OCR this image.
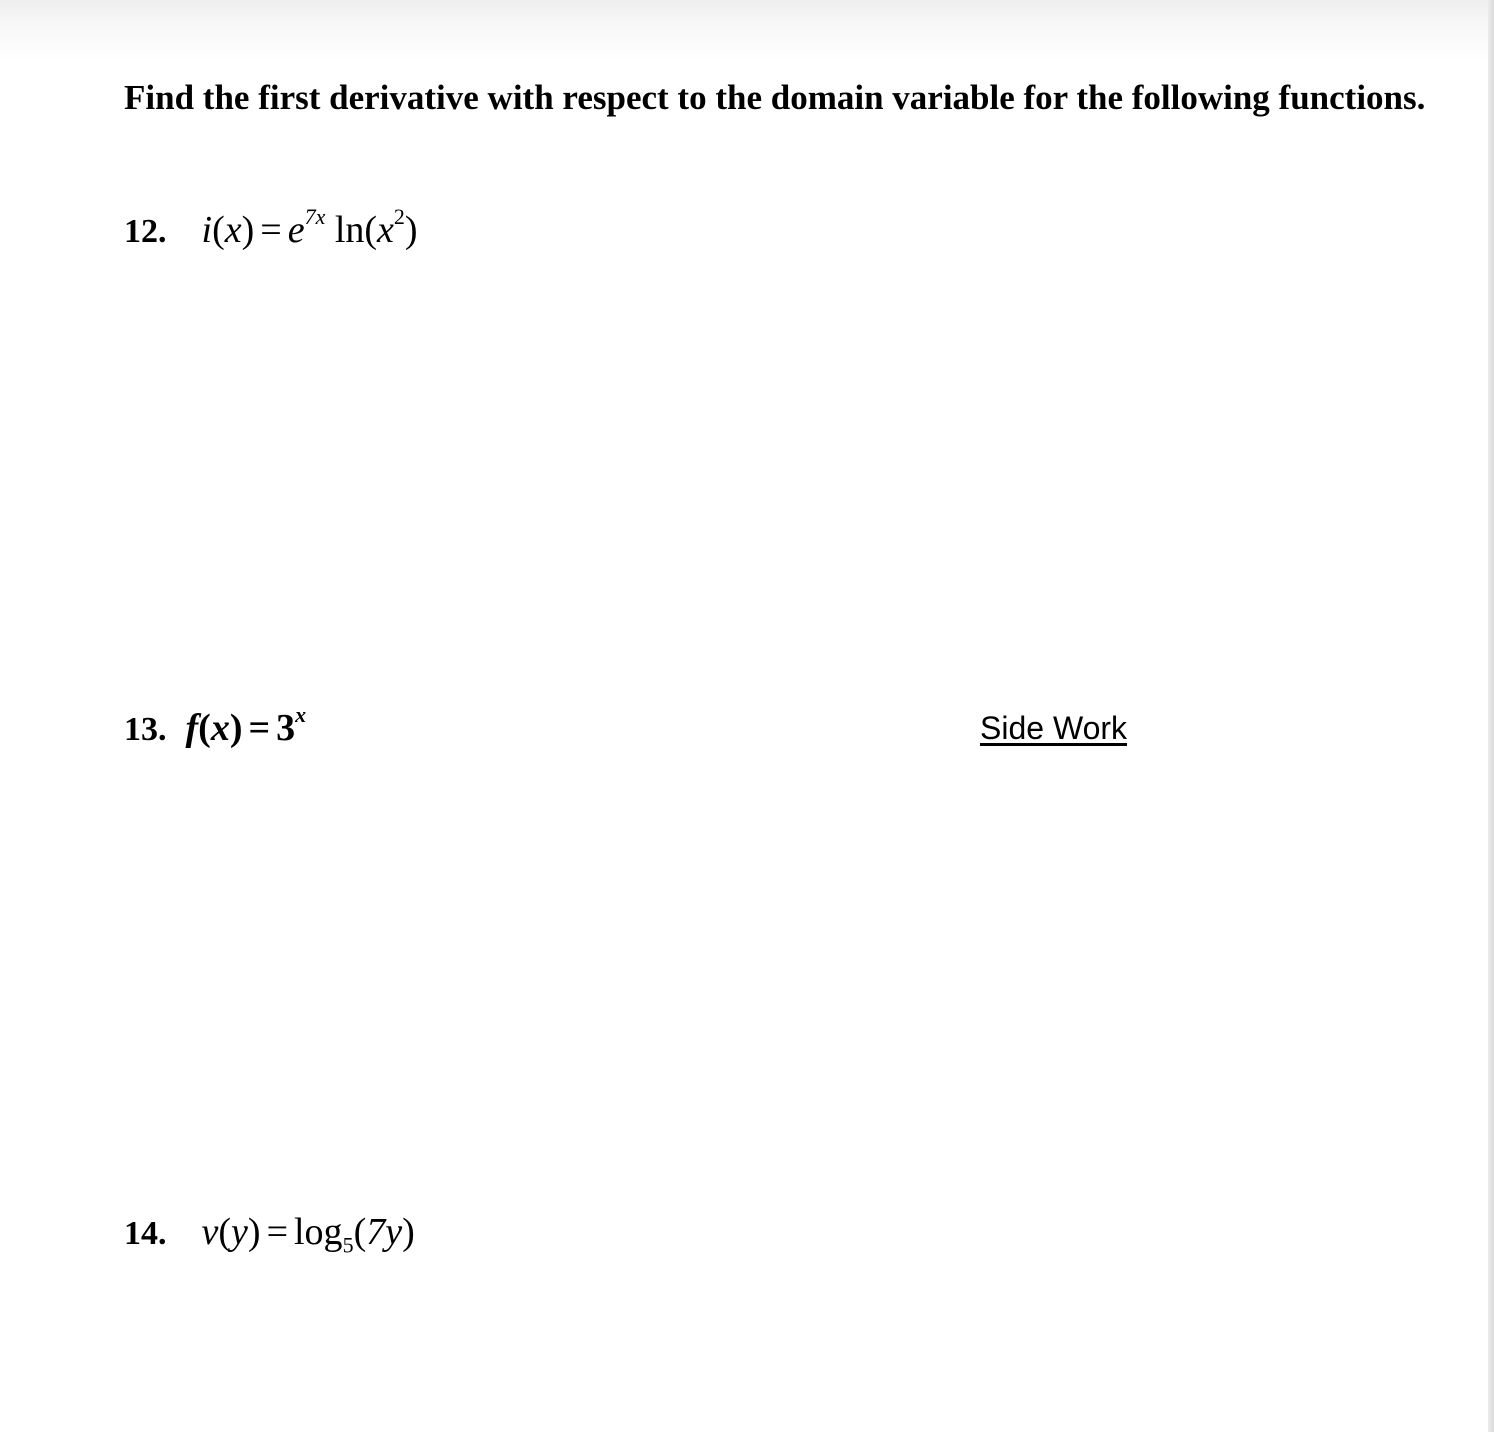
Find the first derivative with respect to the domain variable for the following functions.

12. $i(x) = e^{7x}$ $\ln(x^2)$
13. $f(x) = 3^x$	Side Work
14. $v(y) = \log_5(7y)$
